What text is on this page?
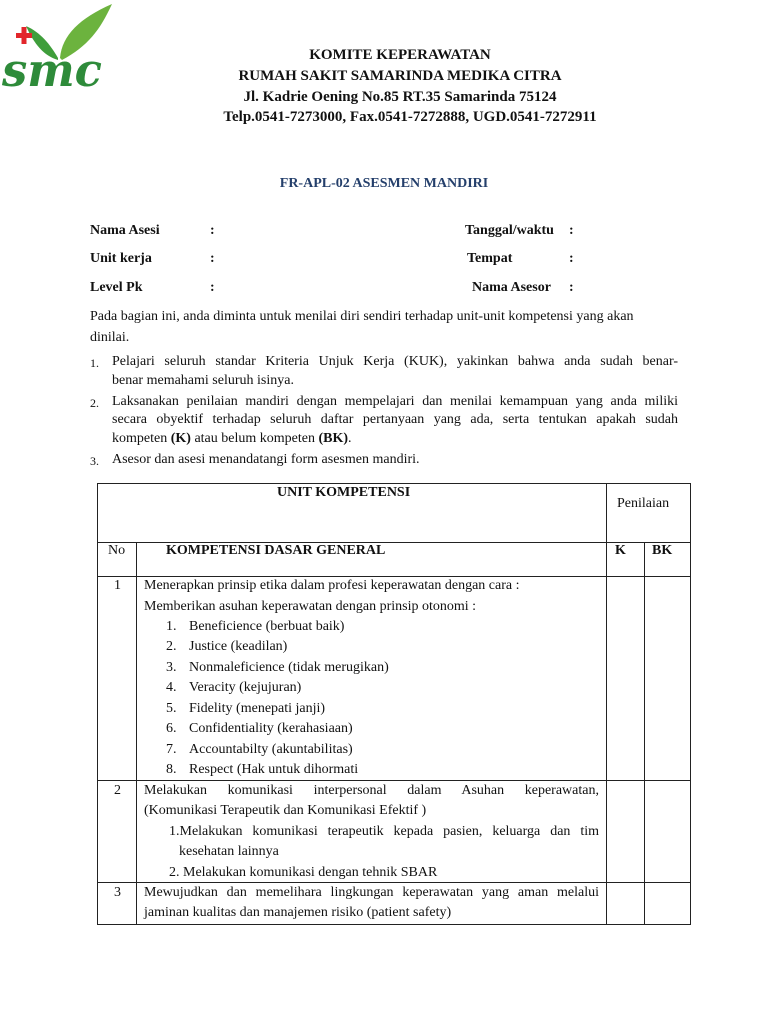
smc	KOMITE KEPERAWATAN
RUMAH SAKIT SAMARINDA MEDIKA CITRA
Jl. Kadrie Oening No.85 RT.35 Samarinda 75124
Telp.0541-7273000, Fax.0541-7272888, UGD.0541-7272911
FR-APL-02 ASESMEN MANDIRI
Nama Asesi	:
Unit kerja	:
Level Pk	:
Tanggal/waktu :
Tempat	:
Nama Asesor :
Pada bagian ini, anda diminta untuk menilai diri sendiri terhadap unit-unit kompetensi yang akan
dinilai.
1. Pelajari seluruh standar Kriteria Unjuk Kerja (KUK), yakinkan bahwa anda sudah benar-
benar memahami seluruh isinya.
2. Laksanakan penilaian mandiri dengan mempelajari dan menilai kemampuan yang anda miliki
secara obyektif terhadap seluruh daftar pertanyaan yang ada, serta tentukan apakah sudah
kompeten (K) atau belum kompeten (BK).
3. Asesor dan asesi menandatangi form asesmen mandiri.
UNIT KOMPETENSI
Penilaian
No	KOMPETENSI DASAR GENERAL	K BK
1 Menerapkan prinsip etika dalam profesi keperawatan dengan cara :
Memberikan asuhan keperawatan dengan prinsip otonomi :
1. Beneficience (berbuat baik)
2. Justice (keadilan)
3. Nonmaleficience (tidak merugikan)
4. Veracity (kejujuran)
5. Fidelity (menepati janji)
6. Confidentiality (kerahasiaan)
7. Accountabilty (akuntabilitas)
8. Respect (Hak untuk dihormati
2 Melakukan komunikasi interpersonal dalam Asuhan keperawatan,
(Komunikasi Terapeutik dan Komunikasi Efektif )
1.Melakukan komunikasi terapeutik kepada pasien, keluarga dan tim
kesehatan lainnya
2. Melakukan komunikasi dengan tehnik SBAR
3 Mewujudkan dan memelihara lingkungan keperawatan yang aman melalui
jaminan kualitas dan manajemen risiko (patient safety)
